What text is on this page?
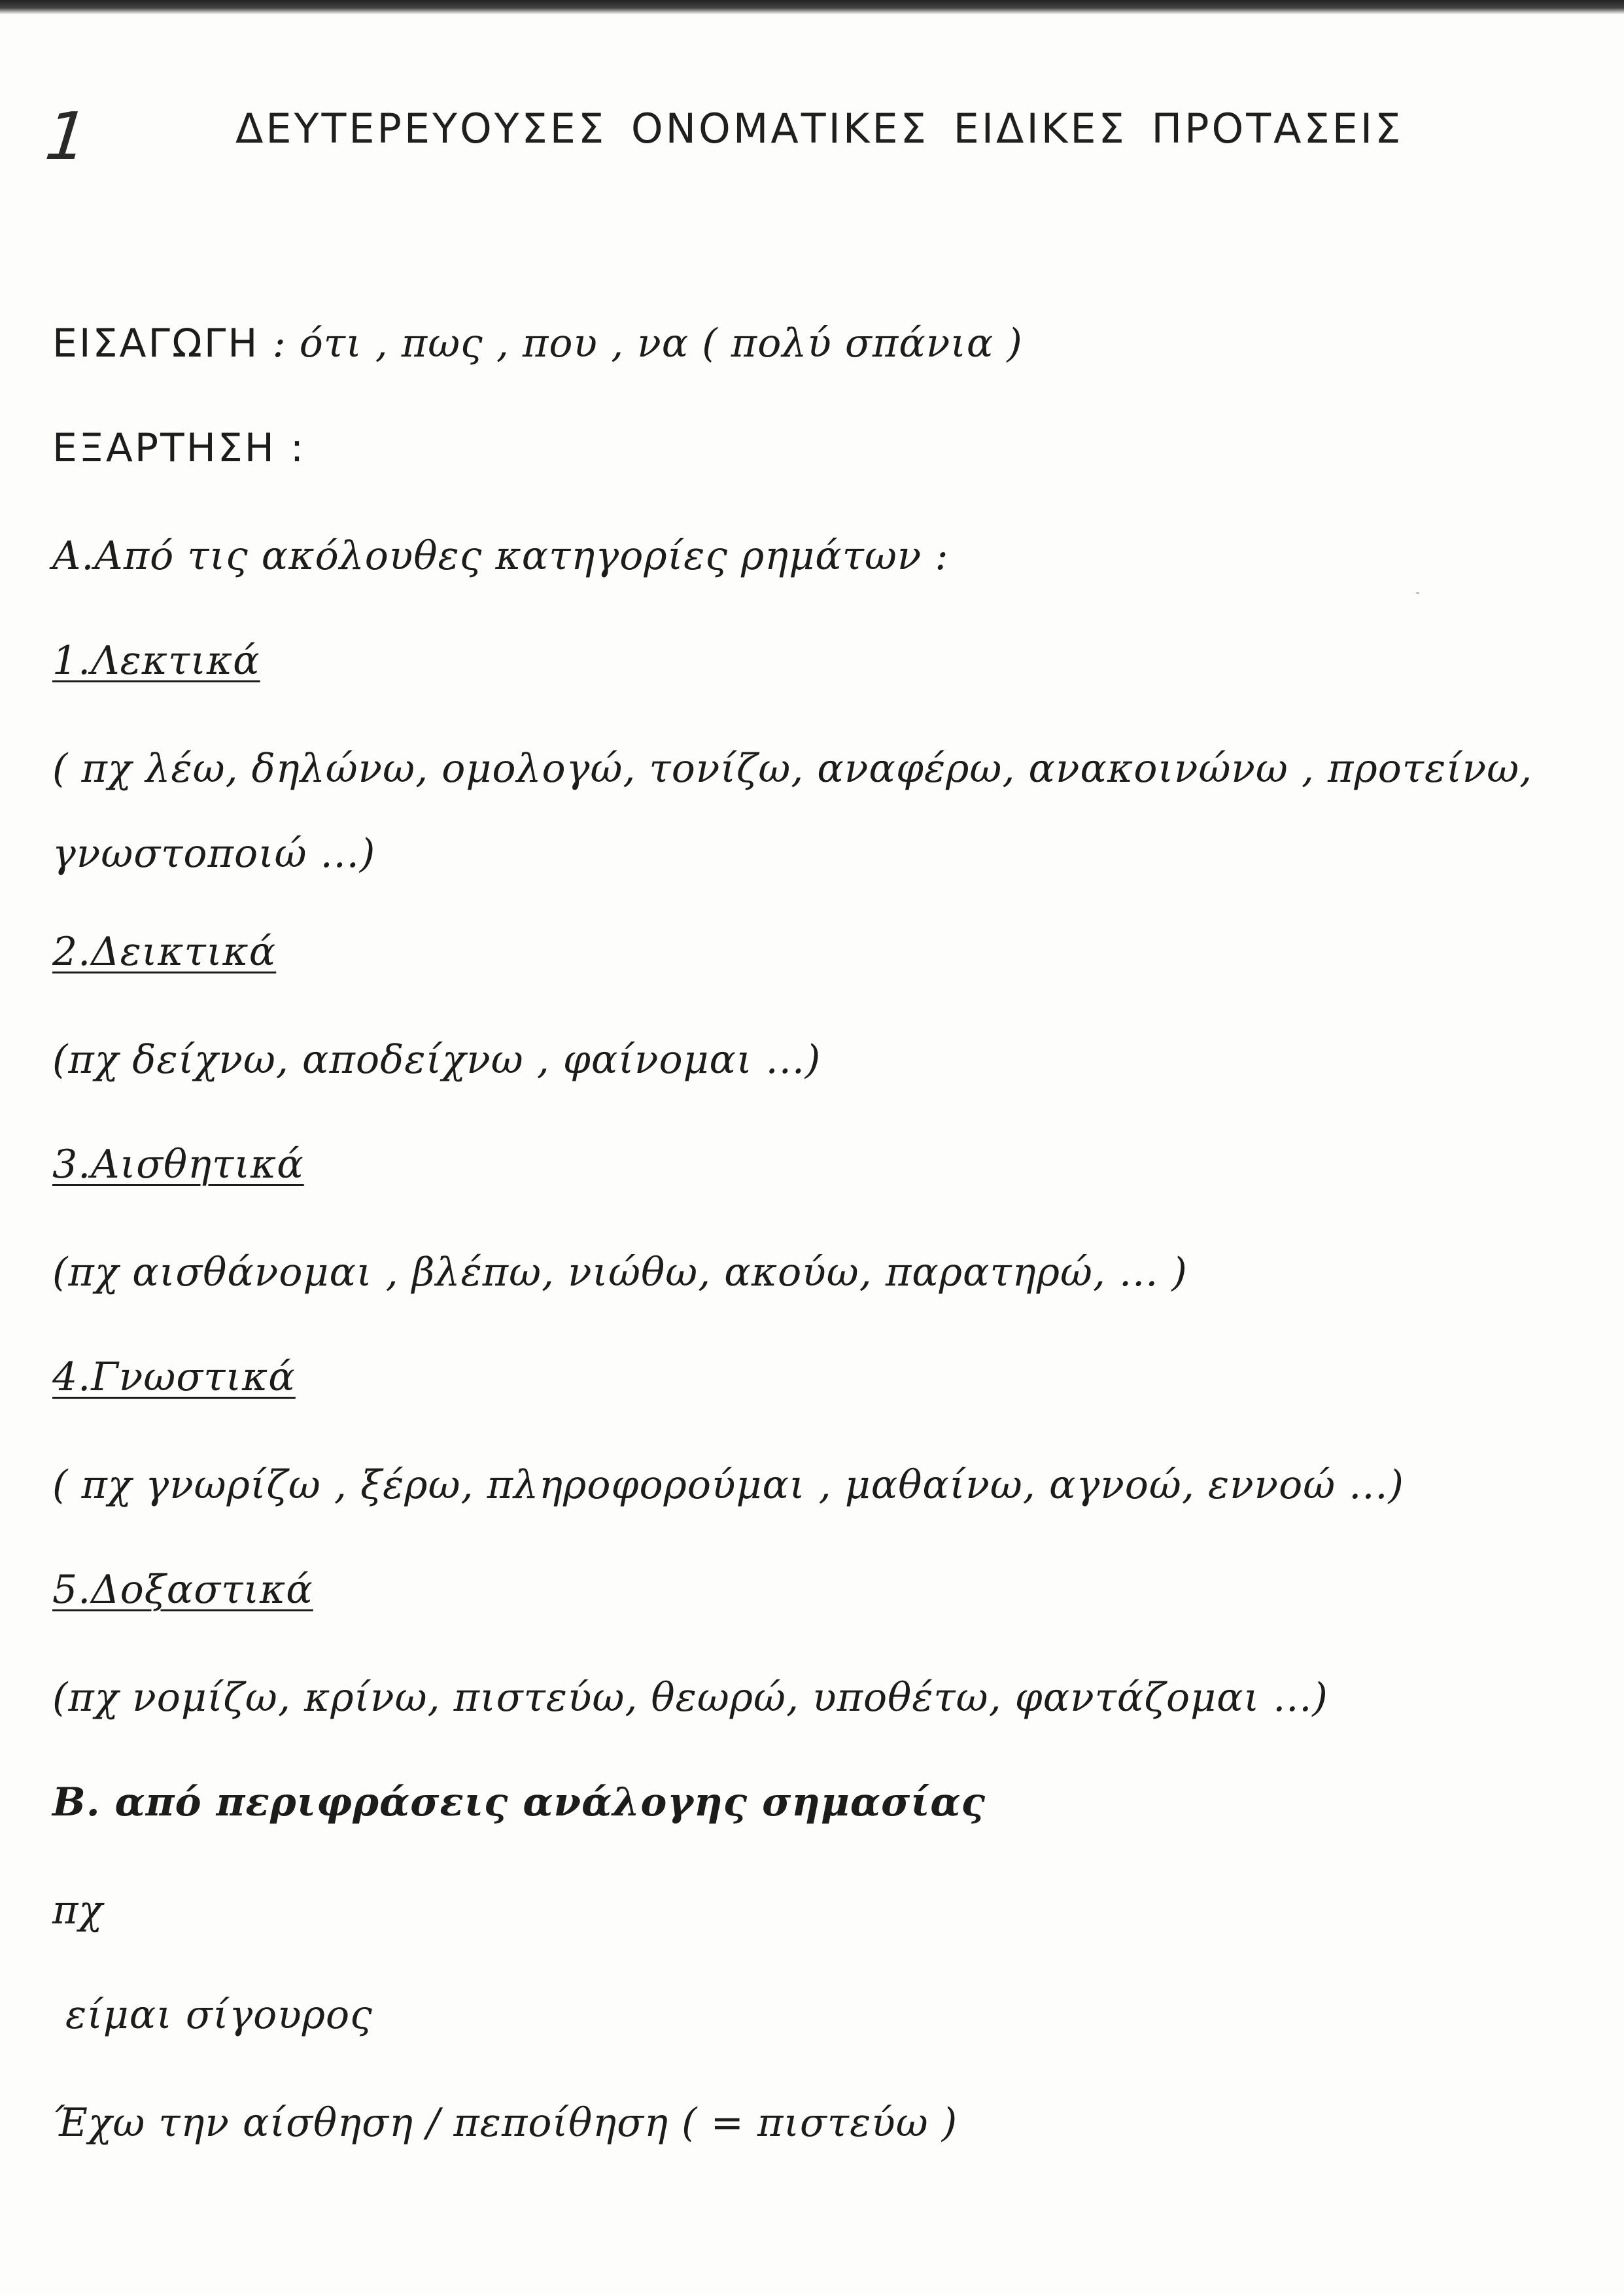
1	ΔΕΥΤΕΡΕΥΟΥΣΕΣ ΟΝΟΜΑΤΙΚΕΣ ΕΙΔΙΚΕΣ ΠΡΟΤΑΣΕΙΣ
ΕΙΣΑΓΩΓΗ : ότι , πως , που , να ( πολύ σπάνια )
ΕΞΑΡΤΗΣΗ :
Α.Από τις ακόλουθες κατηγορίες ρημάτων :
1.Λεκτικά
( πχ λέω, δηλώνω, ομολογώ, τονίζω, αναφέρω, ανακοινώνω , προτείνω,
γνωστοποιώ ...)
2.Δεικτικά
(πχ δείχνω, αποδείχνω , φαίνομαι ...)
3.Αισθητικά
(πχ αισθάνομαι , βλέπω, νιώθω, ακούω, παρατηρώ, ... )
4.Γνωστικά
( πχ γνωρίζω , ξέρω, πληροφορούμαι , μαθαίνω, αγνοώ, εννοώ ...)
5.Δοξαστικά
(πχ νομίζω, κρίνω, πιστεύω, θεωρώ, υποθέτω, φαντάζομαι ...)
Β. από περιφράσεις ανάλογης σημασίας
πχ
είμαι σίγουρος
Έχω την αίσθηση / πεποίθηση ( = πιστεύω )
